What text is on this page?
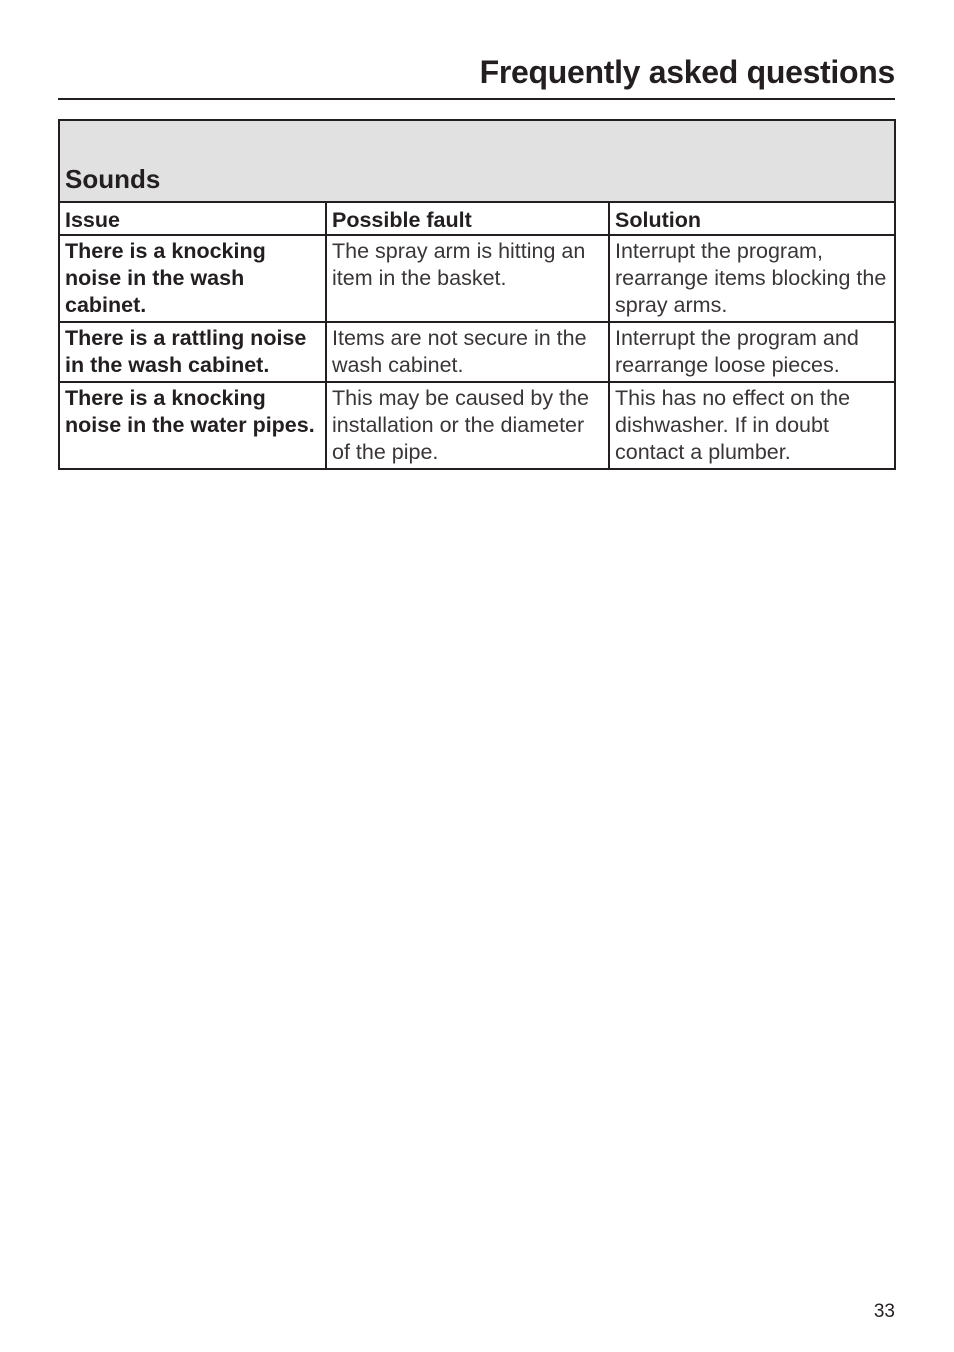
Frequently asked questions
Sounds		
Issue	Possible fault	Solution
There is a knocking noise in the wash cabinet.	The spray arm is hitting an item in the basket.	Interrupt the program, rearrange items blocking the spray arms.
There is a rattling noise in the wash cabinet.	Items are not secure in the wash cabinet.	Interrupt the program and rearrange loose pieces.
There is a knocking noise in the water pipes.	This may be caused by the installation or the diameter of the pipe.	This has no effect on the dishwasher. If in doubt contact a plumber.
33
